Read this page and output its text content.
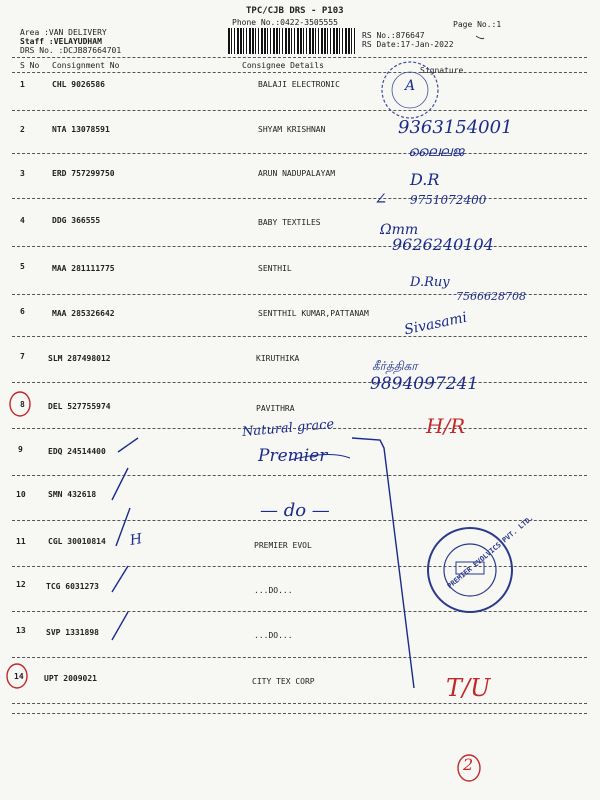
TPC/CJB DRS - P103
Phone No.:0422-3505555
Area :VAN DELIVERY
Staff :VELAYUDHAM
DRS No. :DCJB87664701
RS No.:876647
RS Date:17-Jan-2022
Page No.:1
S No Consignment No	Consignee Details
Signature
1	CHL 9026586	BALAJI ELECTRONIC
2	NTA 13078591	SHYAM KRISHNAN
3	ERD 757299750	ARUN NADUPALAYAM
4	DDG 366555	BABY TEXTILES
5	MAA 281111775	SENTHIL
6	MAA 285326642	SENTTHIL KUMAR,PATTANAM
7	SLM 287498012	KIRUTHIKA
8	DEL 527755974	PAVITHRA
9	EDQ 24514400
10	SMN 432618
11	CGL 30010814	PREMIER EVOL
12	TCG 6031273	...DO...
13	SVP 1331898	...DO...
14	UPT 2009021	CITY TEX CORP
9363154001
ലൈലജ
D.R
9751072400
∠
Ωmm
9626240104
D.Ruy
7566628708
Sivasami
கீர்த்திகா
9894097241
Natural grace
Premier
— do —
H/R
H
T/U
2
A
PREMIER EVOLVICS PVT. LTD.
